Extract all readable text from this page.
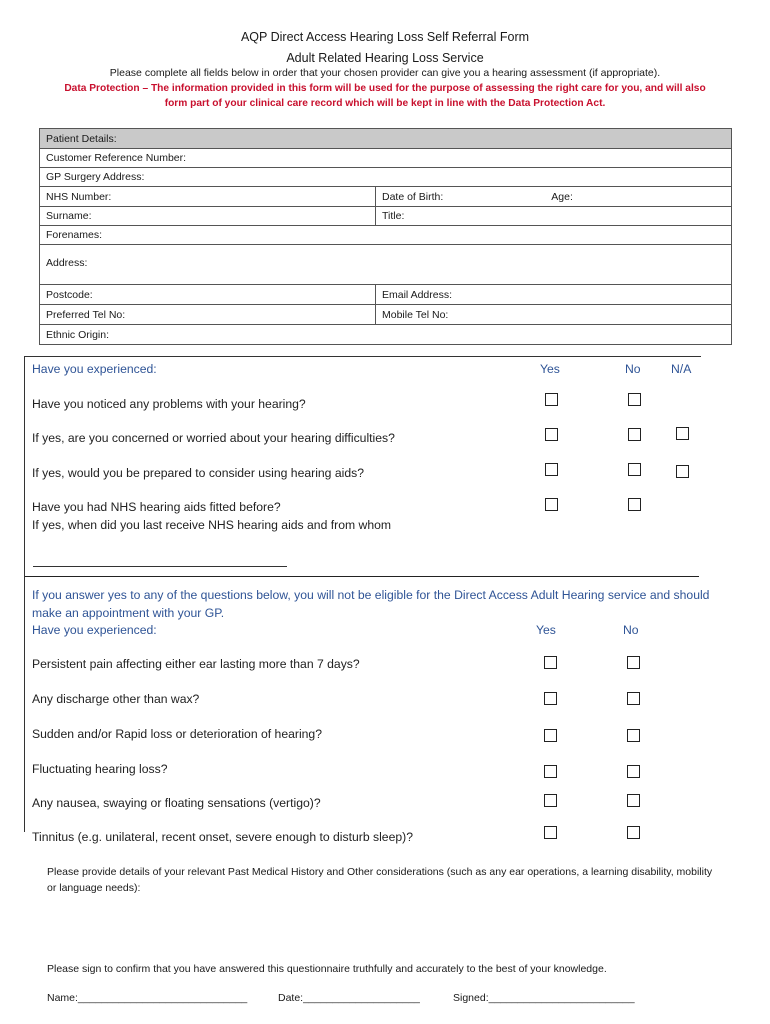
AQP Direct Access Hearing Loss Self Referral Form
Adult Related Hearing Loss Service
Please complete all fields below in order that your chosen provider can give you a hearing assessment (if appropriate).
Data Protection – The information provided in this form will be used for the purpose of assessing the right care for you, and will also form part of your clinical care record which will be kept in line with the Data Protection Act.
Patient Details:
Customer Reference Number:
GP Surgery Address:
NHS Number:	Date of Birth:	Age:
Surname:	Title:
Forenames:
Address:
Postcode:	Email Address:
Preferred Tel No:	Mobile Tel No:
Ethnic Origin:
Have you experienced:	Yes	No N/A
Have you noticed any problems with your hearing?
If yes, are you concerned or worried about your hearing difficulties?
If yes, would you be prepared to consider using hearing aids?
Have you had NHS hearing aids fitted before?
If yes, when did you last receive NHS hearing aids and from whom
If you answer yes to any of the questions below, you will not be eligible for the Direct Access Adult Hearing service and should make an appointment with your GP.
Have you experienced:	Yes	No
Persistent pain affecting either ear lasting more than 7 days?
Any discharge other than wax?
Sudden and/or Rapid loss or deterioration of hearing?
Fluctuating hearing loss?
Any nausea, swaying or floating sensations (vertigo)?
Tinnitus (e.g. unilateral, recent onset, severe enough to disturb sleep)?
Please provide details of your relevant Past Medical History and Other considerations (such as any ear operations, a learning disability, mobility or language needs):
Please sign to confirm that you have answered this questionnaire truthfully and accurately to the best of your knowledge.
Name:_____________________________	Date:____________________	Signed:_________________________
